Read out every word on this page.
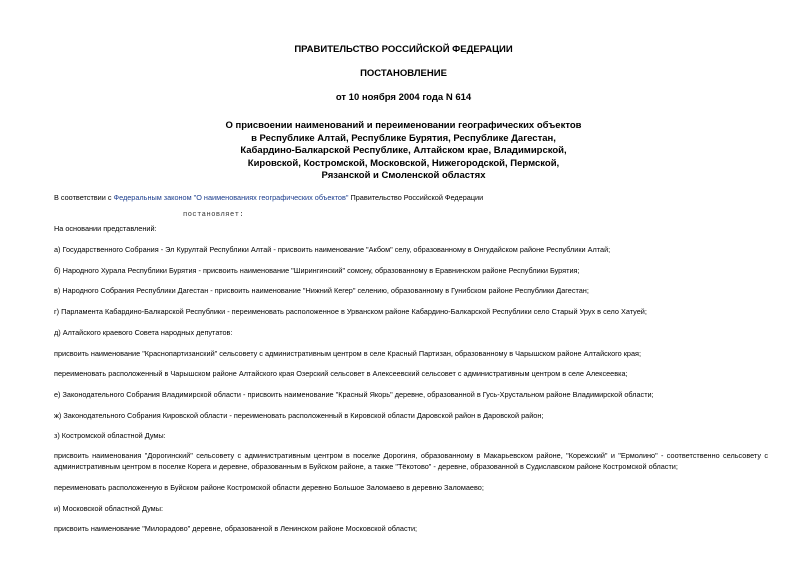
ПРАВИТЕЛЬСТВО РОССИЙСКОЙ ФЕДЕРАЦИИ
ПОСТАНОВЛЕНИЕ
от 10 ноября 2004 года N 614
О присвоении наименований и переименовании географических объектов
в Республике Алтай, Республике Бурятия, Республике Дагестан,
Кабардино-Балкарской Республике, Алтайском крае, Владимирской,
Кировской, Костромской, Московской, Нижегородской, Пермской,
Рязанской и Смоленской областях
В соответствии с Федеральным законом "О наименованиях географических объектов" Правительство Российской Федерации
постановляет:
На основании представлений:
а) Государственного Собрания - Эл Курултай Республики Алтай - присвоить наименование "Акбом" селу, образованному в Онгудайском районе Республики Алтай;
б) Народного Хурала Республики Бурятия - присвоить наименование "Ширингинский" сомону, образованному в Еравнинском районе Республики Бурятия;
в) Народного Собрания Республики Дагестан - присвоить наименование "Нижний Кегер" селению, образованному в Гунибском районе Республики Дагестан;
г) Парламента Кабардино-Балкарской Республики - переименовать расположенное в Урванском районе Кабардино-Балкарской Республики село Старый Урух в село Хатуей;
д) Алтайского краевого Совета народных депутатов:
присвоить наименование "Краснопартизанский" сельсовету с административным центром в селе Красный Партизан, образованному в Чарышском районе Алтайского края;
переименовать расположенный в Чарышском районе Алтайского края Озерский сельсовет в Алексеевский сельсовет с административным центром в селе Алексеевка;
е) Законодательного Собрания Владимирской области - присвоить наименование "Красный Якорь" деревне, образованной в Гусь-Хрустальном районе Владимирской области;
ж) Законодательного Собрания Кировской области - переименовать расположенный в Кировской области Даровской район в Даровской район;
з) Костромской областной Думы:
присвоить наименования "Дорогинский" сельсовету с административным центром в поселке Дорогиня, образованному в Макарьевском районе, "Корежский" и "Ермолино" - соответственно сельсовету с административным центром в поселке Корега и деревне, образованным в Буйском районе, а также "Тёкотово" - деревне, образованной в Судиславском районе Костромской области;
переименовать расположенную в Буйском районе Костромской области деревню Большое Заломаево в деревню Заломаево;
и) Московской областной Думы:
присвоить наименование "Милорадово" деревне, образованной в Ленинском районе Московской области;
